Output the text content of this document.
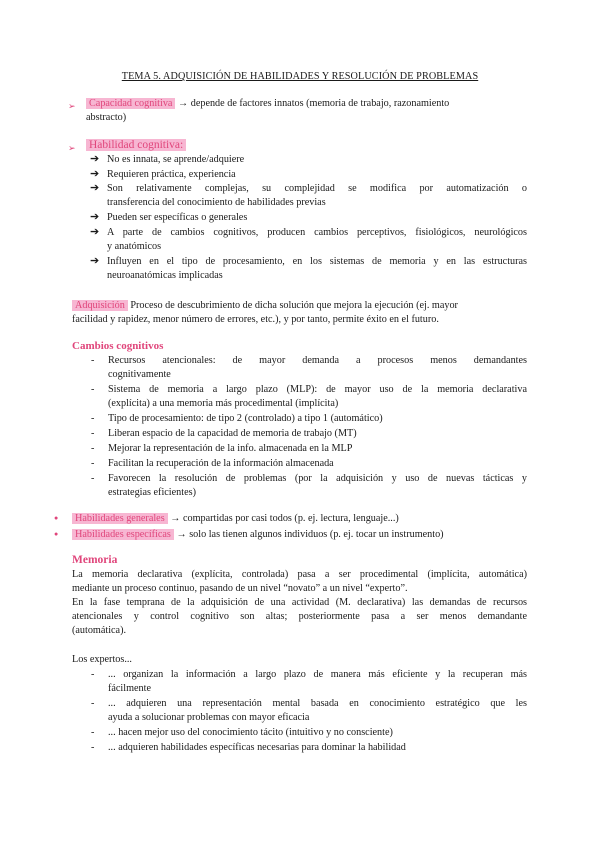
TEMA 5. ADQUISICIÓN DE HABILIDADES Y RESOLUCIÓN DE PROBLEMAS
➢ Capacidad cognitiva → depende de factores innatos (memoria de trabajo, razonamiento
abstracto)
➢ Habilidad cognitiva:
Adquisición Proceso de descubrimiento de dicha solución que mejora la ejecución (ej. mayor
facilidad y rapidez, menor número de errores, etc.), y por tanto, permite éxito en el futuro.
Cambios cognitivos
Memoria
La memoria declarativa (explícita, controlada) pasa a ser procedimental (implícita, automática)
mediante un proceso continuo, pasando de un nivel “novato” a un nivel “experto”.
En la fase temprana de la adquisición de una actividad (M. declarativa) las demandas de recursos
atencionales y control cognitivo son altas; posteriormente pasa a ser menos demandante
(automática).
Los expertos...
➔ No es innata, se aprende/adquiere
➔ Requieren práctica, experiencia
➔ Son relativamente complejas, su complejidad se modifica por automatización o
transferencia del conocimiento de habilidades previas
➔ Pueden ser específicas o generales
➔ A parte de cambios cognitivos, producen cambios perceptivos, fisiológicos, neurológicos
y anatómicos
➔ Influyen en el tipo de procesamiento, en los sistemas de memoria y en las estructuras
neuroanatómicas implicadas
- Recursos atencionales: de mayor demanda a procesos menos demandantes
cognitivamente
- Sistema de memoria a largo plazo (MLP): de mayor uso de la memoria declarativa
(explícita) a una memoria más procedimental (implícita)
- Tipo de procesamiento: de tipo 2 (controlado) a tipo 1 (automático)
- Liberan espacio de la capacidad de memoria de trabajo (MT)
- Mejorar la representación de la info. almacenada en la MLP
- Facilitan la recuperación de la información almacenada
- Favorecen la resolución de problemas (por la adquisición y uso de nuevas tácticas y
estrategias eficientes)
- ... organizan la información a largo plazo de manera más eficiente y la recuperan más
fácilmente
- ... adquieren una representación mental basada en conocimiento estratégico que les
ayuda a solucionar problemas con mayor eficacia
- ... hacen mejor uso del conocimiento tácito (intuitivo y no consciente)
- ... adquieren habilidades específicas necesarias para dominar la habilidad
● Habilidades generales → compartidas por casi todos (p. ej. lectura, lenguaje...)
● Habilidades específicas → solo las tienen algunos individuos (p. ej. tocar un instrumento)
